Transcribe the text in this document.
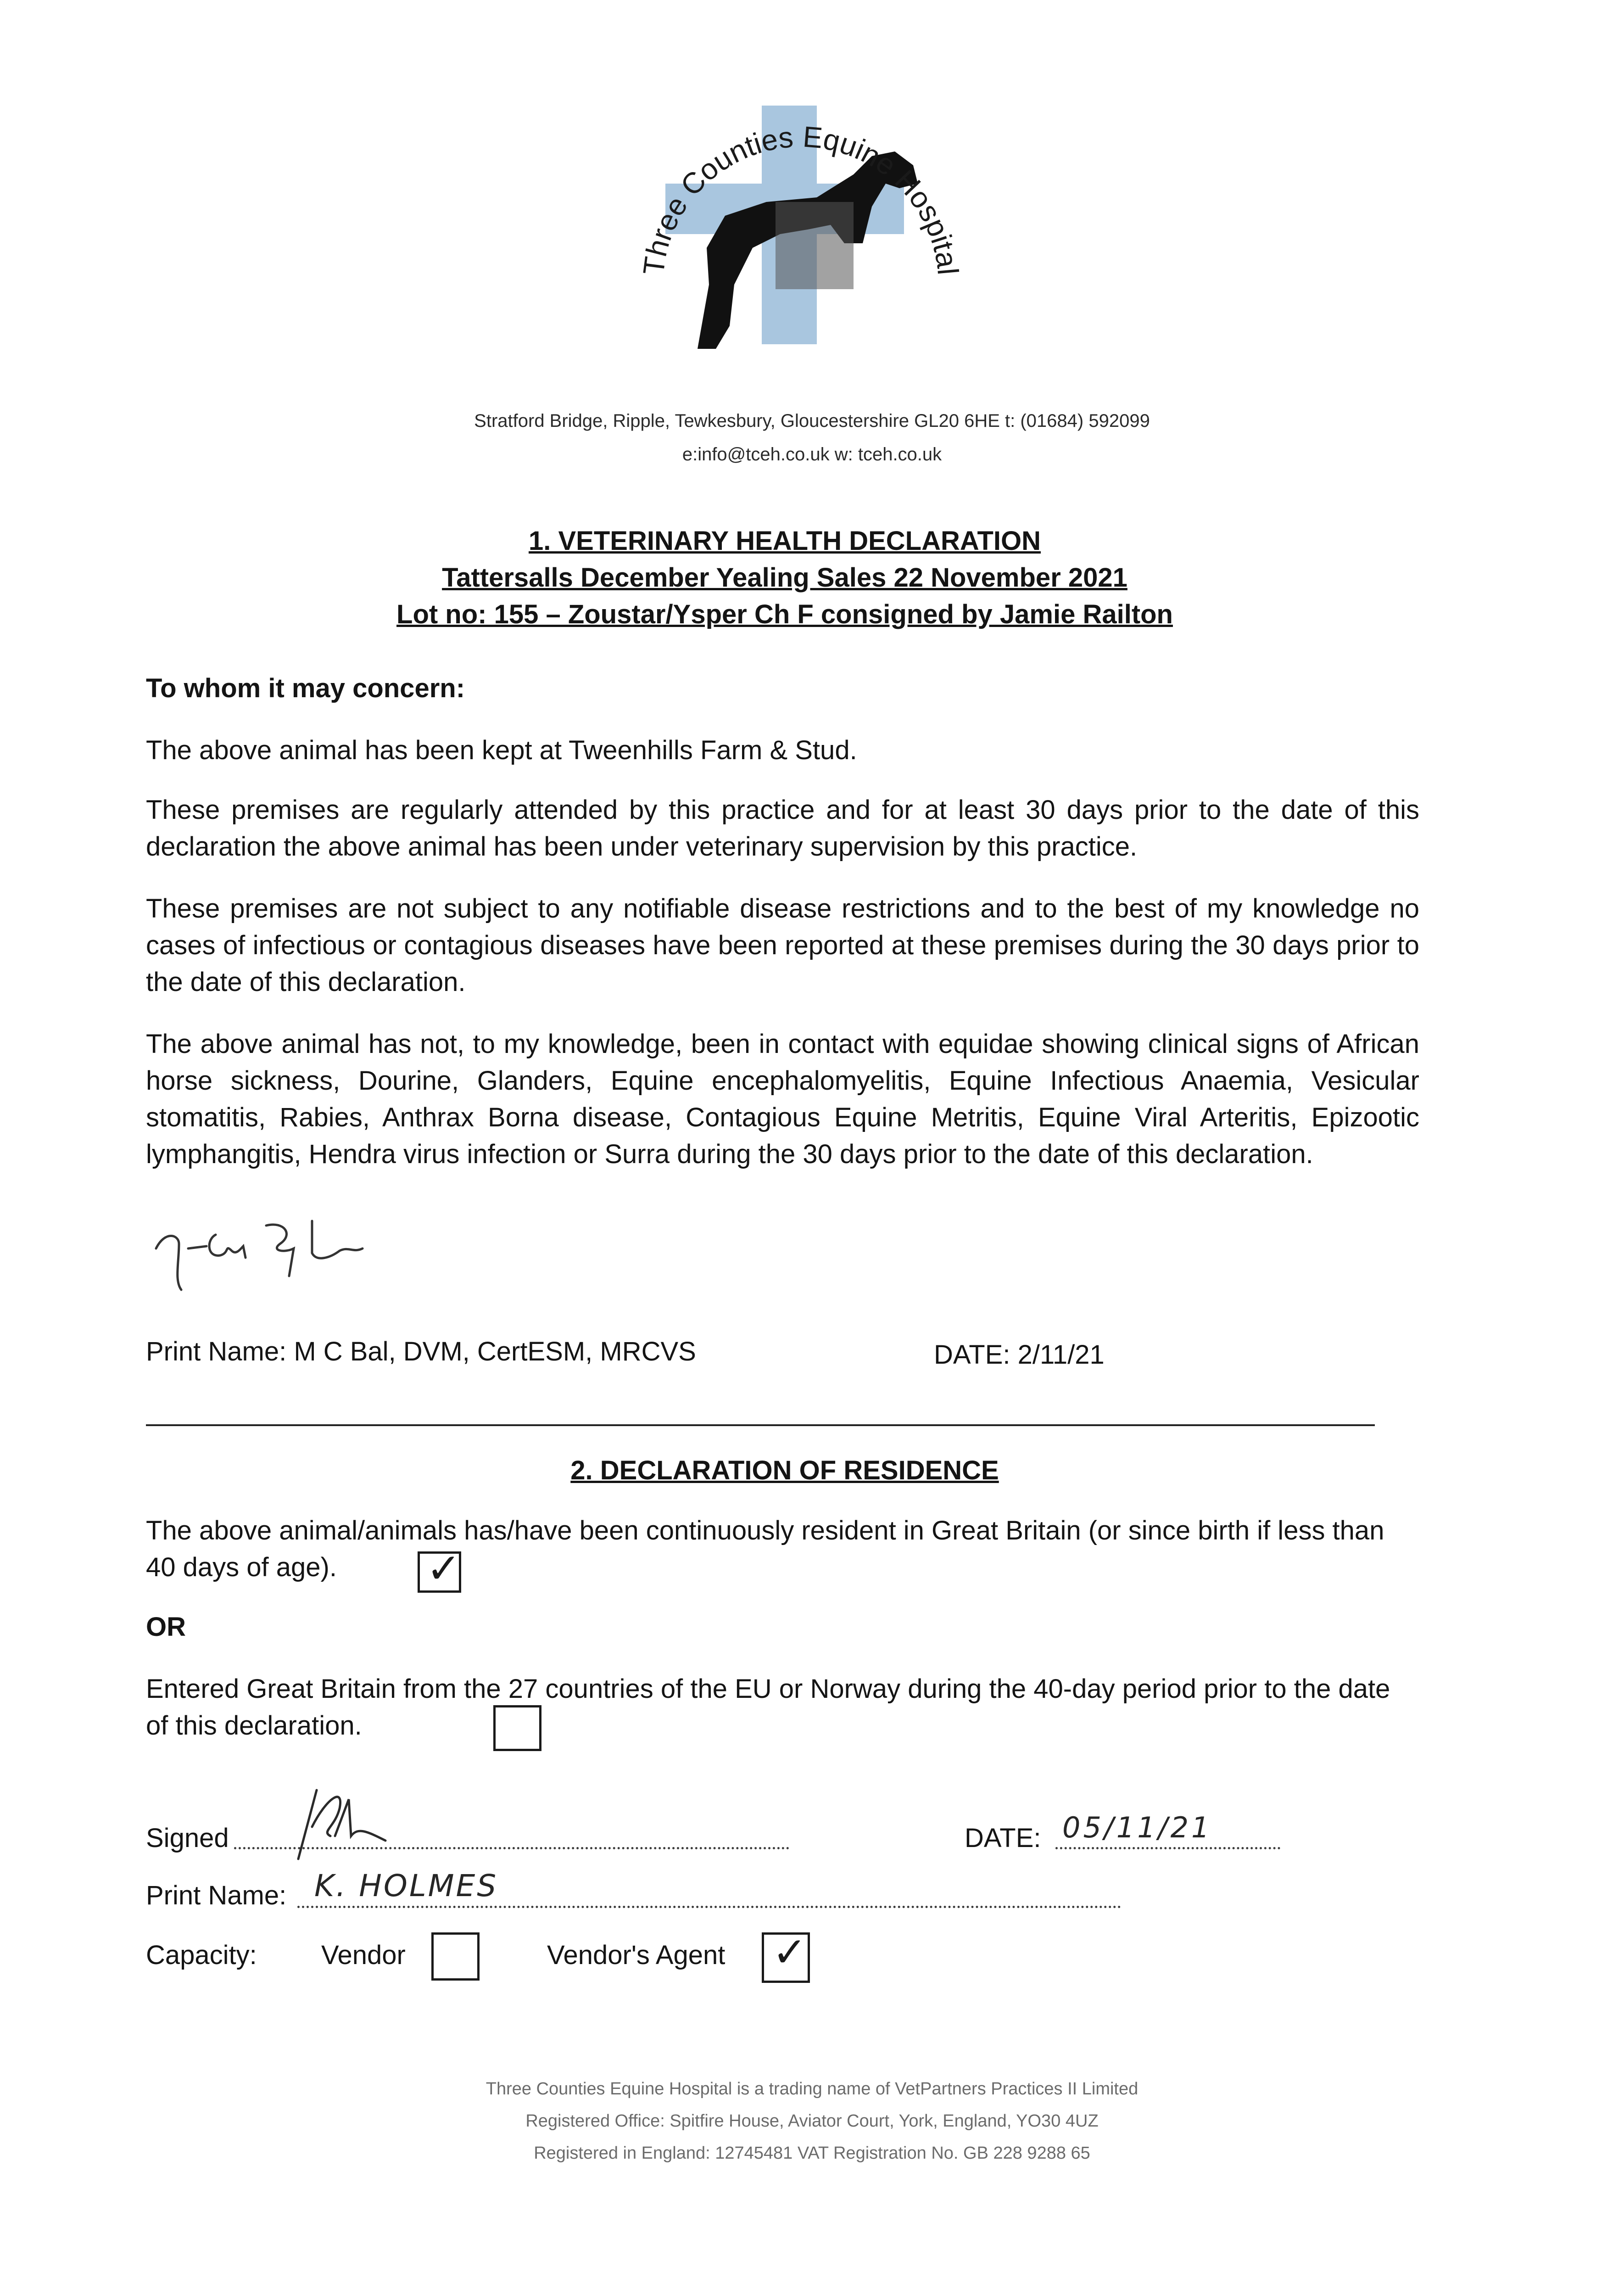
Three Counties Equine Hospital
Stratford Bridge, Ripple, Tewkesbury, Gloucestershire GL20 6HE t: (01684) 592099
e:info@tceh.co.uk w: tceh.co.uk
1. VETERINARY HEALTH DECLARATION
Tattersalls December Yealing Sales 22 November 2021
Lot no: 155 – Zoustar/Ysper Ch F consigned by Jamie Railton
To whom it may concern:
The above animal has been kept at Tweenhills Farm & Stud.
These premises are regularly attended by this practice and for at least 30 days prior to the date of this declaration the above animal has been under veterinary supervision by this practice.
These premises are not subject to any notifiable disease restrictions and to the best of my knowledge no cases of infectious or contagious diseases have been reported at these premises during the 30 days prior to the date of this declaration.
The above animal has not, to my knowledge, been in contact with equidae showing clinical signs of African horse sickness, Dourine, Glanders, Equine encephalomyelitis, Equine Infectious Anaemia, Vesicular stomatitis, Rabies, Anthrax Borna disease, Contagious Equine Metritis, Equine Viral Arteritis, Epizootic lymphangitis, Hendra virus infection or Surra during the 30 days prior to the date of this declaration.
Print Name: M C Bal, DVM, CertESM, MRCVS	DATE: 2/11/21
2. DECLARATION OF RESIDENCE
The above animal/animals has/have been continuously resident in Great Britain (or since birth if less than 40 days of age).	✓
OR
Entered Great Britain from the 27 countries of the EU or Norway during the 40-day period prior to the date of this declaration.
Signed	DATE: 05/11/21
Print Name: K. HOLMES
Capacity:	Vendor	Vendor's Agent	✓
Three Counties Equine Hospital is a trading name of VetPartners Practices II Limited
Registered Office: Spitfire House, Aviator Court, York, England, YO30 4UZ
Registered in England: 12745481 VAT Registration No. GB 228 9288 65
